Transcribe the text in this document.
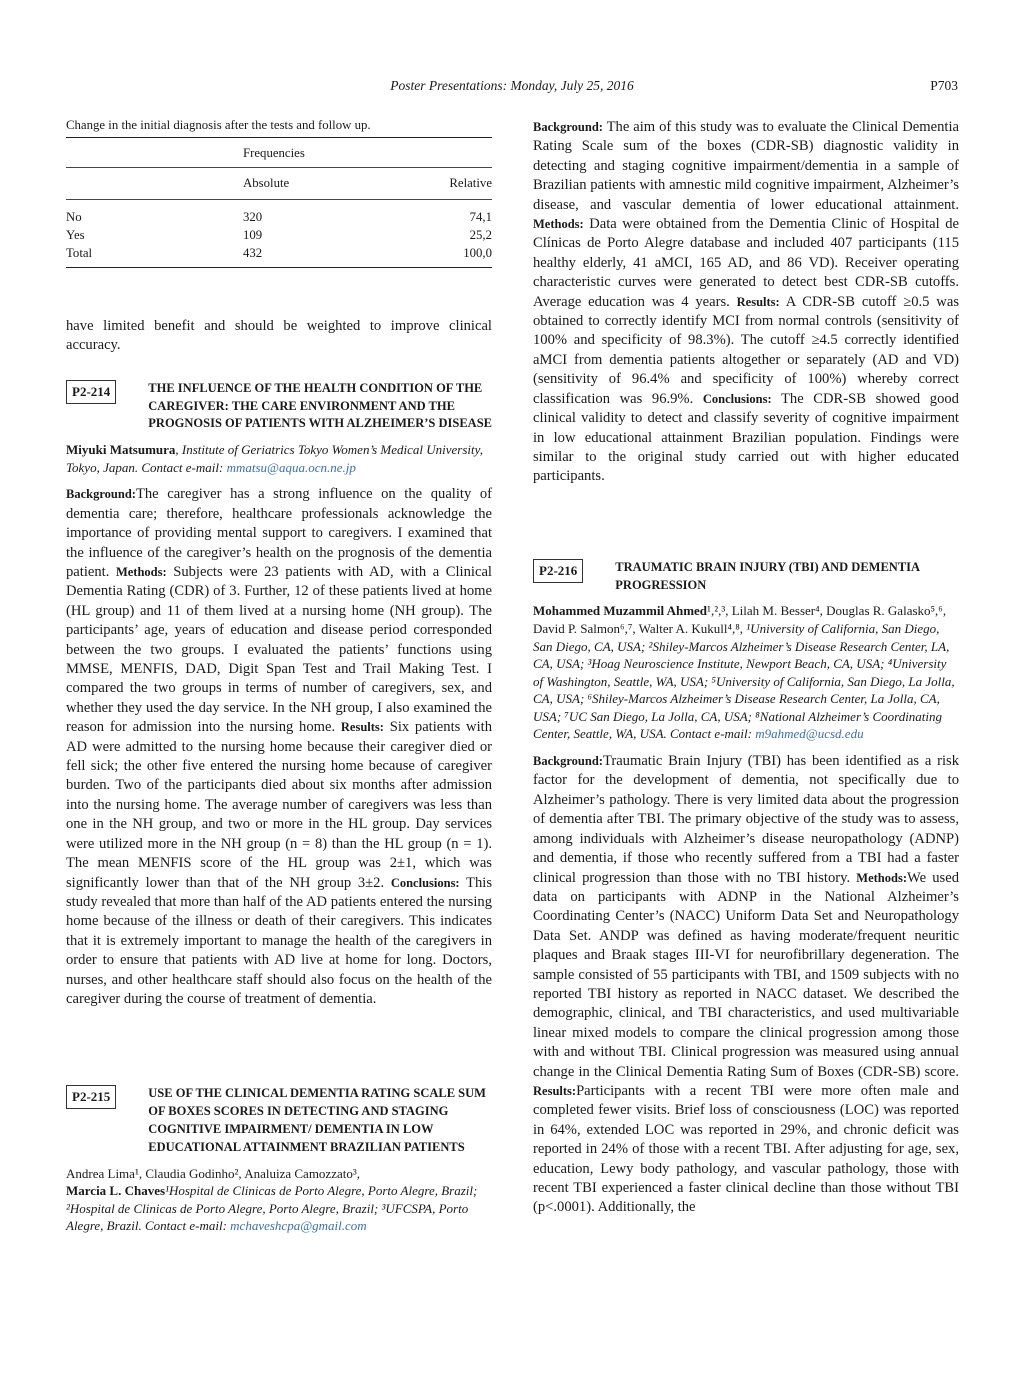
Poster Presentations: Monday, July 25, 2016	P703
Change in the initial diagnosis after the tests and follow up.
	Frequencies	
	Absolute	Relative
No	320	74,1
Yes	109	25,2
Total	432	100,0

have limited benefit and should be weighted to improve clinical accuracy.

P2-214	THE INFLUENCE OF THE HEALTH CONDITION OF THE CAREGIVER: THE CARE ENVIRONMENT AND THE PROGNOSIS OF PATIENTS WITH ALZHEIMER’S DISEASE
Miyuki Matsumura, Institute of Geriatrics Tokyo Women’s Medical University, Tokyo, Japan. Contact e-mail: mmatsu@aqua.ocn.ne.jp

Background:The caregiver has a strong influence on the quality of dementia care; therefore, healthcare professionals acknowledge the importance of providing mental support to caregivers. I examined that the influence of the caregiver’s health on the prognosis of the dementia patient. Methods: Subjects were 23 patients with AD, with a Clinical Dementia Rating (CDR) of 3. Further, 12 of these patients lived at home (HL group) and 11 of them lived at a nursing home (NH group). The participants’ age, years of education and disease period corresponded between the two groups. I evaluated the patients’ functions using MMSE, MENFIS, DAD, Digit Span Test and Trail Making Test. I compared the two groups in terms of number of caregivers, sex, and whether they used the day service. In the NH group, I also examined the reason for admission into the nursing home. Results: Six patients with AD were admitted to the nursing home because their caregiver died or fell sick; the other five entered the nursing home because of caregiver burden. Two of the participants died about six months after admission into the nursing home. The average number of caregivers was less than one in the NH group, and two or more in the HL group. Day services were utilized more in the NH group (n = 8) than the HL group (n = 1). The mean MENFIS score of the HL group was 2±1, which was significantly lower than that of the NH group 3±2. Conclusions: This study revealed that more than half of the AD patients entered the nursing home because of the illness or death of their caregivers. This indicates that it is extremely important to manage the health of the caregivers in order to ensure that patients with AD live at home for long. Doctors, nurses, and other healthcare staff should also focus on the health of the caregiver during the course of treatment of dementia.

P2-215	USE OF THE CLINICAL DEMENTIA RATING SCALE SUM OF BOXES SCORES IN DETECTING AND STAGING COGNITIVE IMPAIRMENT/ DEMENTIA IN LOW EDUCATIONAL ATTAINMENT BRAZILIAN PATIENTS
Andrea Lima¹, Claudia Godinho², Analuiza Camozzato³,
Marcia L. Chaves¹Hospital de Clinicas de Porto Alegre, Porto Alegre, Brazil; ²Hospital de Clinicas de Porto Alegre, Porto Alegre, Brazil; ³UFCSPA, Porto Alegre, Brazil. Contact e-mail: mchaveshcpa@gmail.com

Background: The aim of this study was to evaluate the Clinical Dementia Rating Scale sum of the boxes (CDR-SB) diagnostic validity in detecting and staging cognitive impairment/dementia in a sample of Brazilian patients with amnestic mild cognitive impairment, Alzheimer’s disease, and vascular dementia of lower educational attainment. Methods: Data were obtained from the Dementia Clinic of Hospital de Clínicas de Porto Alegre database and included 407 participants (115 healthy elderly, 41 aMCI, 165 AD, and 86 VD). Receiver operating characteristic curves were generated to detect best CDR-SB cutoffs. Average education was 4 years. Results: A CDR-SB cutoff ≥0.5 was obtained to correctly identify MCI from normal controls (sensitivity of 100% and specificity of 98.3%). The cutoff ≥4.5 correctly identified aMCI from dementia patients altogether or separately (AD and VD) (sensitivity of 96.4% and specificity of 100%) whereby correct classification was 96.9%. Conclusions: The CDR-SB showed good clinical validity to detect and classify severity of cognitive impairment in low educational attainment Brazilian population. Findings were similar to the original study carried out with higher educated participants.

P2-216	TRAUMATIC BRAIN INJURY (TBI) AND DEMENTIA PROGRESSION
Mohammed Muzammil Ahmed¹,²,³, Lilah M. Besser⁴, Douglas R. Galasko⁵,⁶, David P. Salmon⁶,⁷, Walter A. Kukull⁴,⁸, ¹University of California, San Diego, San Diego, CA, USA; ²Shiley-Marcos Alzheimer’s Disease Research Center, LA, CA, USA; ³Hoag Neuroscience Institute, Newport Beach, CA, USA; ⁴University of Washington, Seattle, WA, USA; ⁵University of California, San Diego, La Jolla, CA, USA; ⁶Shiley-Marcos Alzheimer’s Disease Research Center, La Jolla, CA, USA; ⁷UC San Diego, La Jolla, CA, USA; ⁸National Alzheimer’s Coordinating Center, Seattle, WA, USA. Contact e-mail: m9ahmed@ucsd.edu

Background:Traumatic Brain Injury (TBI) has been identified as a risk factor for the development of dementia, not specifically due to Alzheimer’s pathology. There is very limited data about the progression of dementia after TBI. The primary objective of the study was to assess, among individuals with Alzheimer’s disease neuropathology (ADNP) and dementia, if those who recently suffered from a TBI had a faster clinical progression than those with no TBI history. Methods:We used data on participants with ADNP in the National Alzheimer’s Coordinating Center’s (NACC) Uniform Data Set and Neuropathology Data Set. ANDP was defined as having moderate/frequent neuritic plaques and Braak stages III-VI for neurofibrillary degeneration. The sample consisted of 55 participants with TBI, and 1509 subjects with no reported TBI history as reported in NACC dataset. We described the demographic, clinical, and TBI characteristics, and used multivariable linear mixed models to compare the clinical progression among those with and without TBI. Clinical progression was measured using annual change in the Clinical Dementia Rating Sum of Boxes (CDR-SB) score. Results:Participants with a recent TBI were more often male and completed fewer visits. Brief loss of consciousness (LOC) was reported in 64%, extended LOC was reported in 29%, and chronic deficit was reported in 24% of those with a recent TBI. After adjusting for age, sex, education, Lewy body pathology, and vascular pathology, those with recent TBI experienced a faster clinical decline than those without TBI (p<.0001). Additionally, the
